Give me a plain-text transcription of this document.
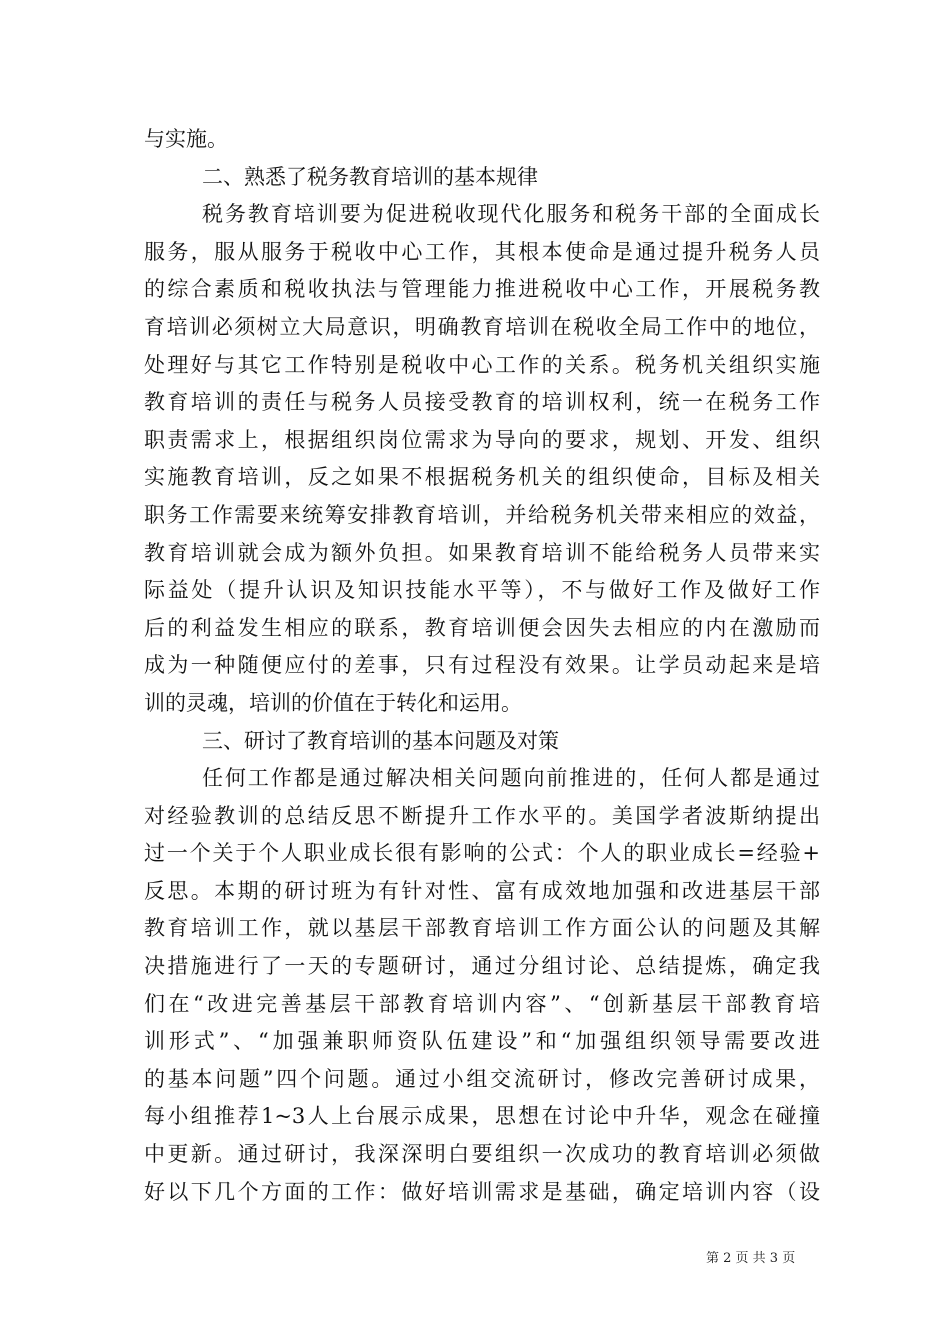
与实施。
二、熟悉了税务教育培训的基本规律
税务教育培训要为促进税收现代化服务和税务干部的全面成长
服务，服从服务于税收中心工作，其根本使命是通过提升税务人员
的综合素质和税收执法与管理能力推进税收中心工作，开展税务教
育培训必须树立大局意识，明确教育培训在税收全局工作中的地位，
处理好与其它工作特别是税收中心工作的关系。税务机关组织实施
教育培训的责任与税务人员接受教育的培训权利，统一在税务工作
职责需求上，根据组织岗位需求为导向的要求，规划、开发、组织
实施教育培训，反之如果不根据税务机关的组织使命，目标及相关
职务工作需要来统筹安排教育培训，并给税务机关带来相应的效益，
教育培训就会成为额外负担。如果教育培训不能给税务人员带来实
际益处（提升认识及知识技能水平等），不与做好工作及做好工作
后的利益发生相应的联系，教育培训便会因失去相应的内在激励而
成为一种随便应付的差事，只有过程没有效果。让学员动起来是培
训的灵魂，培训的价值在于转化和运用。
三、研讨了教育培训的基本问题及对策
任何工作都是通过解决相关问题向前推进的，任何人都是通过
对经验教训的总结反思不断提升工作水平的。美国学者波斯纳提出
过一个关于个人职业成长很有影响的公式：个人的职业成长=经验+
反思。本期的研讨班为有针对性、富有成效地加强和改进基层干部
教育培训工作，就以基层干部教育培训工作方面公认的问题及其解
决措施进行了一天的专题研讨，通过分组讨论、总结提炼，确定我
们在“改进完善基层干部教育培训内容”、“创新基层干部教育培
训形式”、“加强兼职师资队伍建设”和“加强组织领导需要改进
的基本问题”四个问题。通过小组交流研讨，修改完善研讨成果，
每小组推荐1~3人上台展示成果，思想在讨论中升华，观念在碰撞
中更新。通过研讨，我深深明白要组织一次成功的教育培训必须做
好以下几个方面的工作：做好培训需求是基础，确定培训内容（设
第 2 页 共 3 页
